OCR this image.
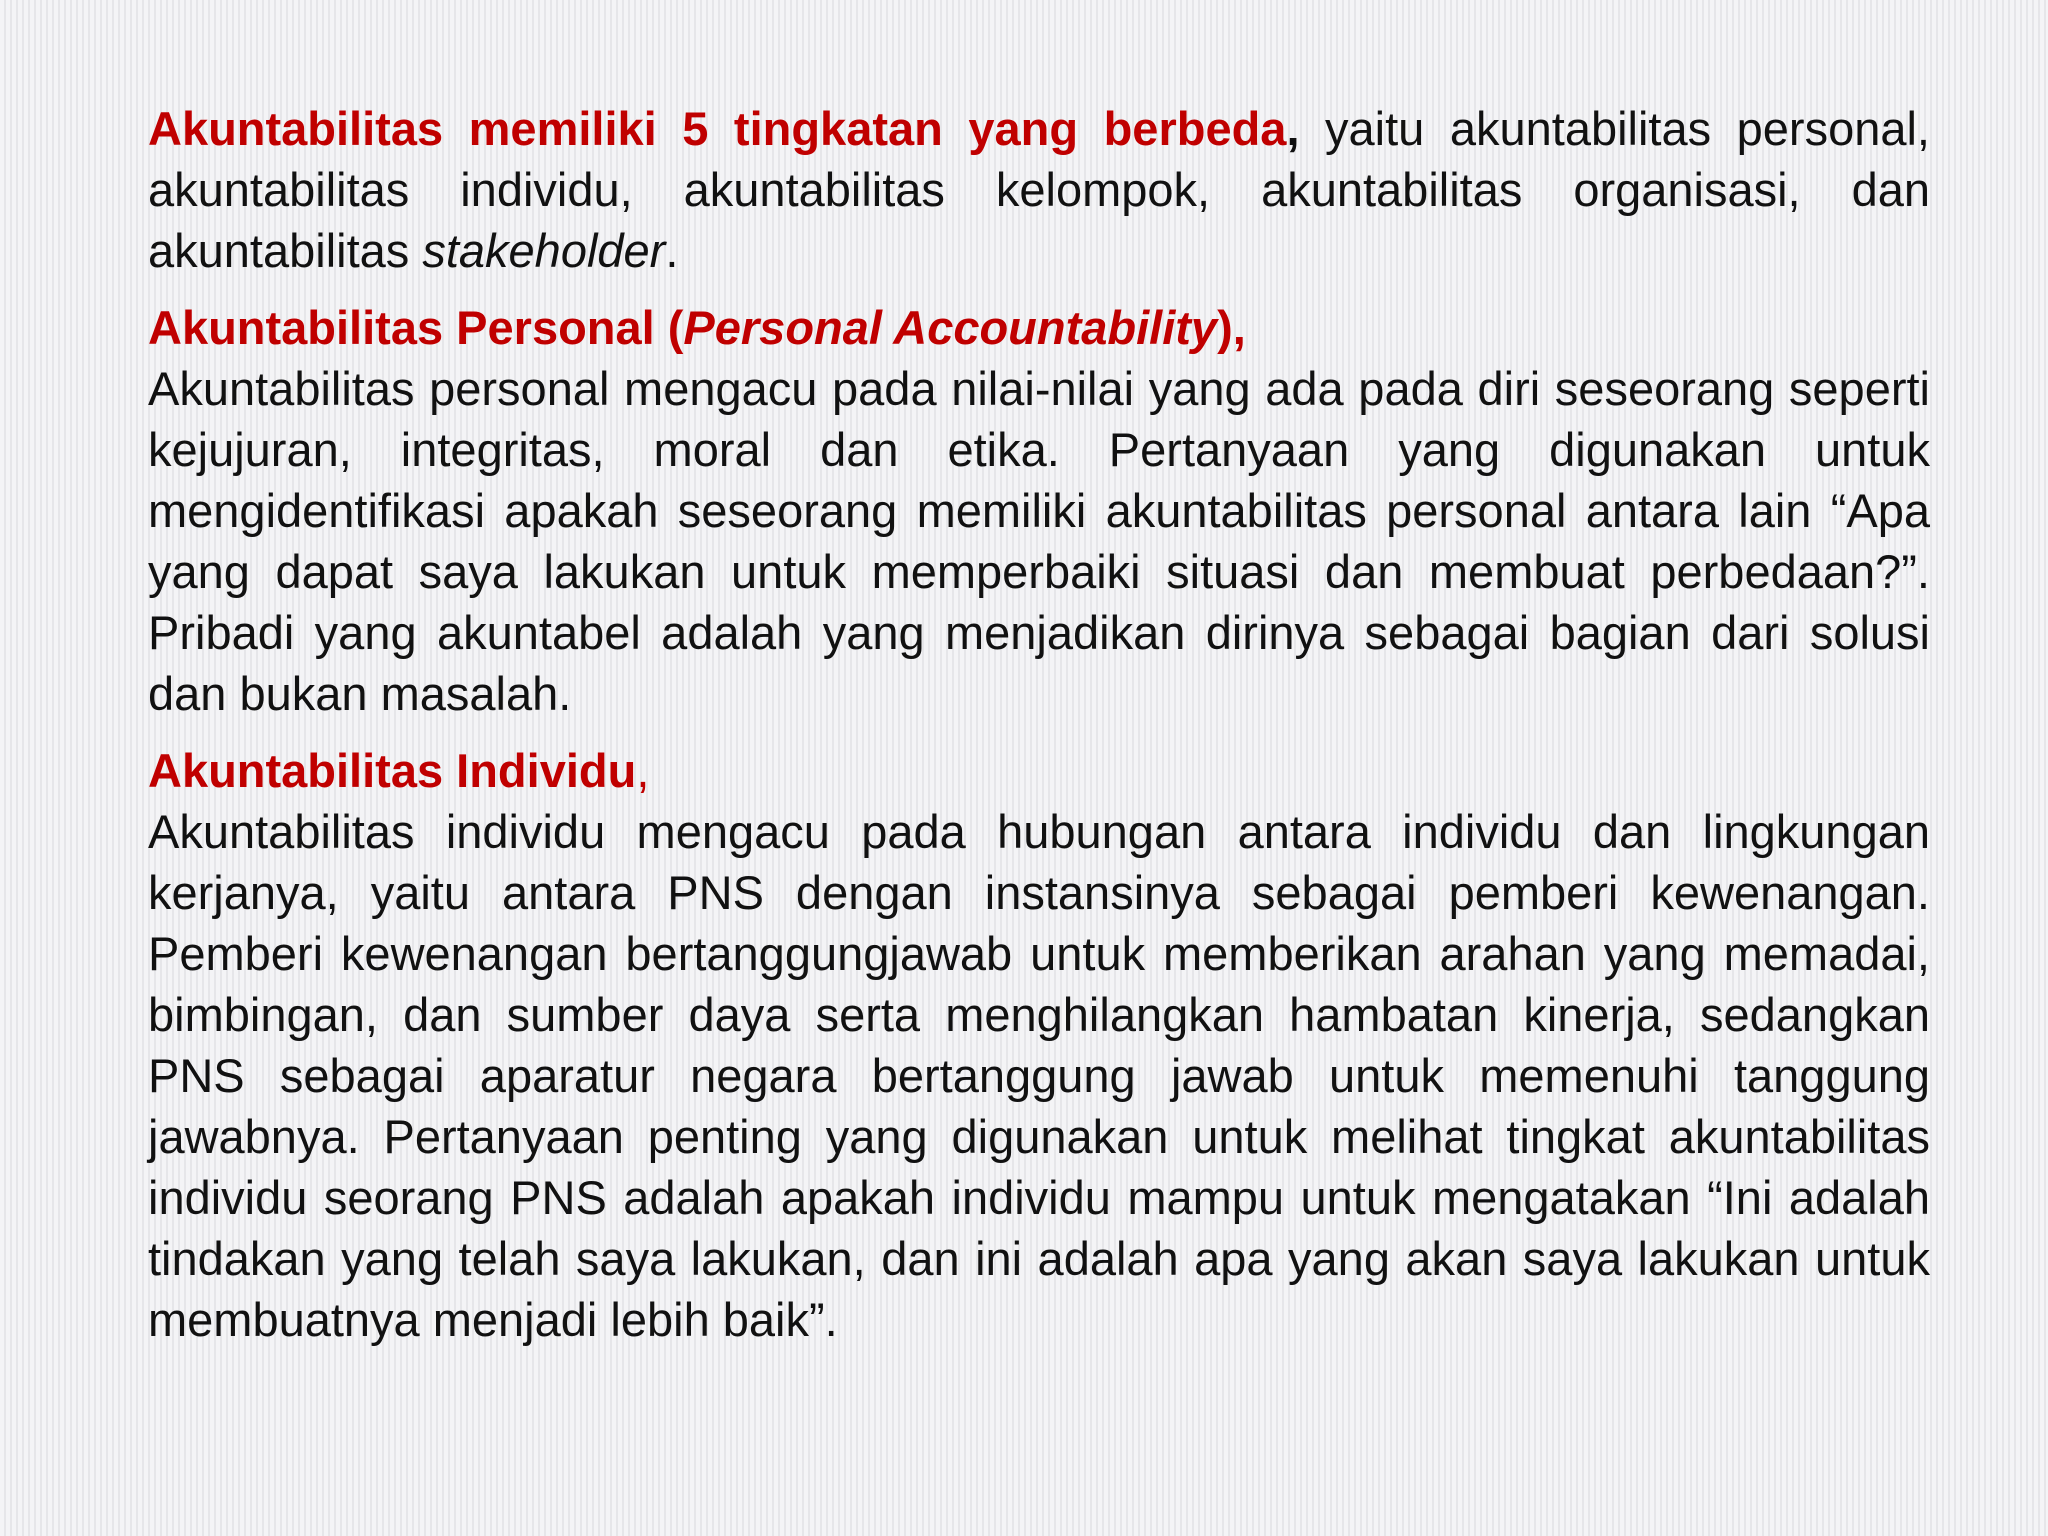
Akuntabilitas memiliki 5 tingkatan yang berbeda, yaitu akuntabilitas personal, akuntabilitas individu, akuntabilitas kelompok, akuntabilitas organisasi, dan akuntabilitas stakeholder.

Akuntabilitas Personal (Personal Accountability),
Akuntabilitas personal mengacu pada nilai-nilai yang ada pada diri seseorang seperti kejujuran, integritas, moral dan etika. Pertanyaan yang digunakan untuk mengidentifikasi apakah seseorang memiliki akuntabilitas personal antara lain “Apa yang dapat saya lakukan untuk memperbaiki situasi dan membuat perbedaan?”. Pribadi yang akuntabel adalah yang menjadikan dirinya sebagai bagian dari solusi dan bukan masalah.

Akuntabilitas Individu,
Akuntabilitas individu mengacu pada hubungan antara individu dan lingkungan kerjanya, yaitu antara PNS dengan instansinya sebagai pemberi kewenangan. Pemberi kewenangan bertanggungjawab untuk memberikan arahan yang memadai, bimbingan, dan sumber daya serta menghilangkan hambatan kinerja, sedangkan PNS sebagai aparatur negara bertanggung jawab untuk memenuhi tanggung jawabnya. Pertanyaan penting yang digunakan untuk melihat tingkat akuntabilitas individu seorang PNS adalah apakah individu mampu untuk mengatakan “Ini adalah tindakan yang telah saya lakukan, dan ini adalah apa yang akan saya lakukan untuk membuatnya menjadi lebih baik”.
